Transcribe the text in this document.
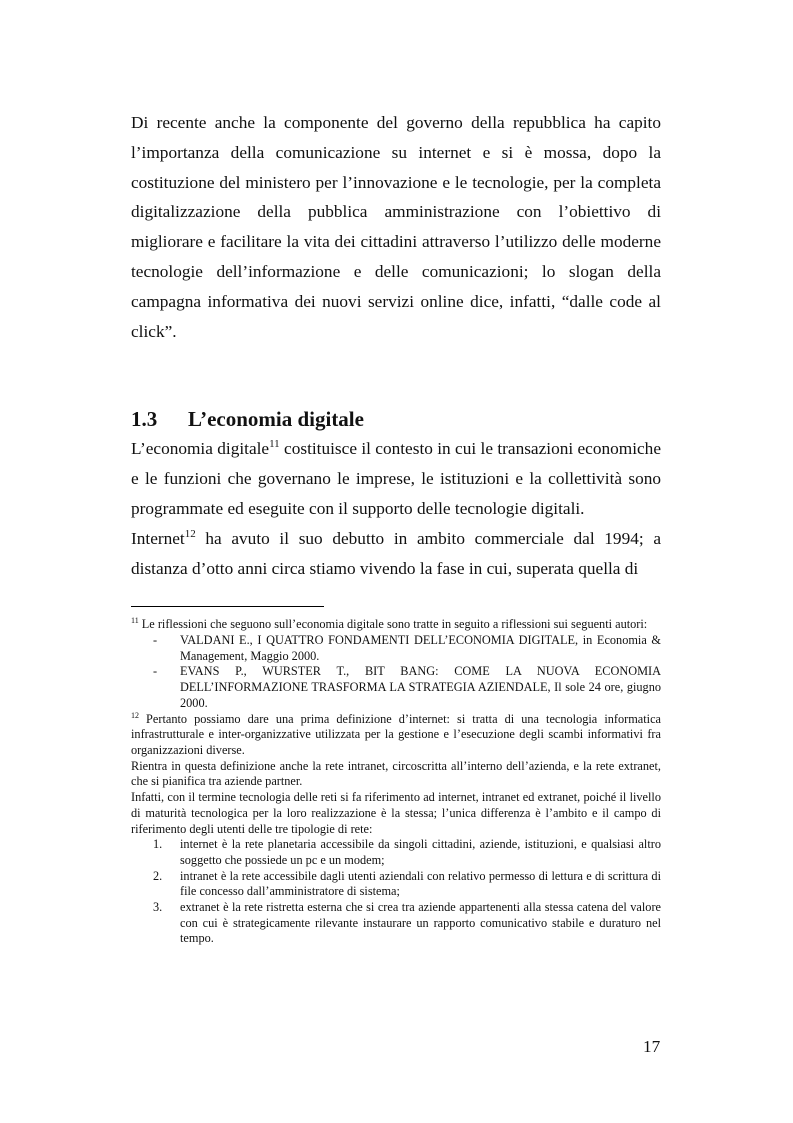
Di recente anche la componente del governo della repubblica ha capito l’importanza della comunicazione su internet e si è mossa, dopo la costituzione del ministero per l’innovazione e le tecnologie, per la completa digitalizzazione della pubblica amministrazione con l’obiettivo di migliorare e facilitare la vita dei cittadini attraverso l’utilizzo delle moderne tecnologie dell’informazione e delle comunicazioni; lo slogan della campagna informativa dei nuovi servizi online dice, infatti, “dalle code al click”.

1.3	L’economia digitale

L’economia digitale$^{11}$ costituisce il contesto in cui le transazioni economiche e le funzioni che governano le imprese, le istituzioni e la collettività sono programmate ed eseguite con il supporto delle tecnologie digitali.

Internet$^{12}$ ha avuto il suo debutto in ambito commerciale dal 1994; a distanza d’otto anni circa stiamo vivendo la fase in cui, superata quella di

$^{11}$ Le riflessioni che seguono sull’economia digitale sono tratte in seguito a riflessioni sui seguenti autori:

-	VALDANI E., I QUATTRO FONDAMENTI DELL’ECONOMIA DIGITALE, in Economia & Management, Maggio 2000.
-	EVANS P., WURSTER T., BIT BANG: COME LA NUOVA ECONOMIA DELL’INFORMAZIONE TRASFORMA LA STRATEGIA AZIENDALE, Il sole 24 ore, giugno 2000.

$^{12}$ Pertanto possiamo dare una prima definizione d’internet: si tratta di una tecnologia informatica infrastrutturale e inter-organizzative utilizzata per la gestione e l’esecuzione degli scambi informativi fra organizzazioni diverse.

Rientra in questa definizione anche la rete intranet, circoscritta all’interno dell’azienda, e la rete extranet, che si pianifica tra aziende partner.

Infatti, con il termine tecnologia delle reti si fa riferimento ad internet, intranet ed extranet, poiché il livello di maturità tecnologica per la loro realizzazione è la stessa; l’unica differenza è l’ambito e il campo di riferimento degli utenti delle tre tipologie di rete:

1.	internet è la rete planetaria accessibile da singoli cittadini, aziende, istituzioni, e qualsiasi altro soggetto che possiede un pc e un modem;
2.	intranet è la rete accessibile dagli utenti aziendali con relativo permesso di lettura e di scrittura di file concesso dall’amministratore di sistema;
3.	extranet è la rete ristretta esterna che si crea tra aziende appartenenti alla stessa catena del valore con cui è strategicamente rilevante instaurare un rapporto comunicativo stabile e duraturo nel tempo.
17
